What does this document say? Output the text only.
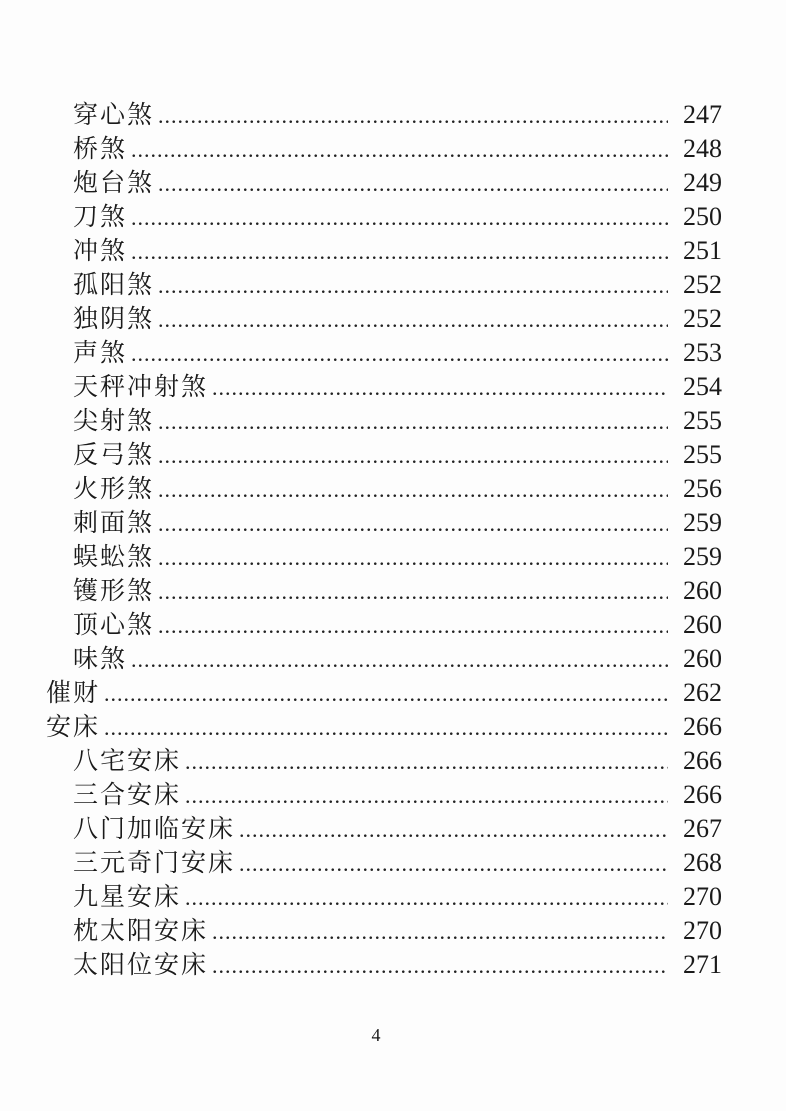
穿心煞 .....	247
桥煞 .....	248
炮台煞 .....	249
刀煞 .....	250
冲煞 .....	251
孤阳煞 .....	252
独阴煞 .....	252
声煞 .....	253
天秤冲射煞 .....	254
尖射煞 .....	255
反弓煞 .....	255
火形煞 .....	256
刺面煞 .....	259
蜈蚣煞 .....	259
镬形煞 .....	260
顶心煞 .....	260
味煞 .....	260
催财 .....	262
安床 .....	266
八宅安床 .....	266
三合安床 .....	266
八门加临安床 .....	267
三元奇门安床 .....	268
九星安床 .....	270
枕太阳安床 .....	270
太阳位安床 .....	271
4
